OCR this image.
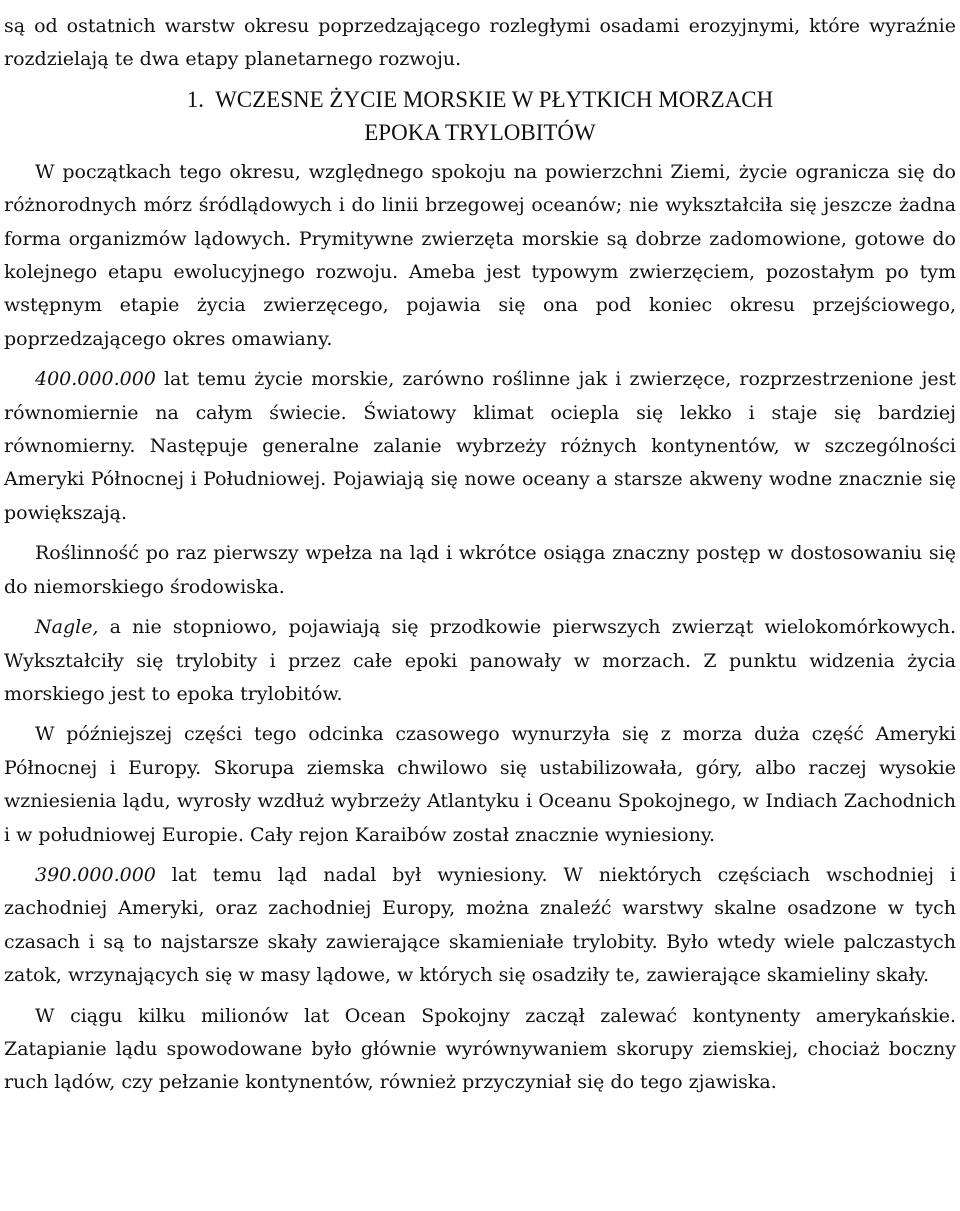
są od ostatnich warstw okresu poprzedzającego rozległymi osadami erozyjnymi, które wyraźnie rozdzielają te dwa etapy planetarnego rozwoju.

1. WCZESNE ŻYCIE MORSKIE W PŁYTKICH MORZACH

EPOKA TRYLOBITÓW

W początkach tego okresu, względnego spokoju na powierzchni Ziemi, życie ogranicza się do różnorodnych mórz śródlądowych i do linii brzegowej oceanów; nie wykształciła się jeszcze żadna forma organizmów lądowych. Prymitywne zwierzęta morskie są dobrze zadomowione, gotowe do kolejnego etapu ewolucyjnego rozwoju. Ameba jest typowym zwierzęciem, pozostałym po tym wstępnym etapie życia zwierzęcego, pojawia się ona pod koniec okresu przejściowego, poprzedzającego okres omawiany.

400.000.000 lat temu życie morskie, zarówno roślinne jak i zwierzęce, rozprzestrzenione jest równomiernie na całym świecie. Światowy klimat ociepla się lekko i staje się bardziej równomierny. Następuje generalne zalanie wybrzeży różnych kontynentów, w szczególności Ameryki Północnej i Południowej. Pojawiają się nowe oceany a starsze akweny wodne znacznie się powiększają.

Roślinność po raz pierwszy wpełza na ląd i wkrótce osiąga znaczny postęp w dostosowaniu się do niemorskiego środowiska.

Nagle, a nie stopniowo, pojawiają się przodkowie pierwszych zwierząt wielokomórkowych. Wykształciły się trylobity i przez całe epoki panowały w morzach. Z punktu widzenia życia morskiego jest to epoka trylobitów.

W późniejszej części tego odcinka czasowego wynurzyła się z morza duża część Ameryki Północnej i Europy. Skorupa ziemska chwilowo się ustabilizowała, góry, albo raczej wysokie wzniesienia lądu, wyrosły wzdłuż wybrzeży Atlantyku i Oceanu Spokojnego, w Indiach Zachodnich i w południowej Europie. Cały rejon Karaibów został znacznie wyniesiony.

390.000.000 lat temu ląd nadal był wyniesiony. W niektórych częściach wschodniej i zachodniej Ameryki, oraz zachodniej Europy, można znaleźć warstwy skalne osadzone w tych czasach i są to najstarsze skały zawierające skamieniałe trylobity. Było wtedy wiele palczastych zatok, wrzynających się w masy lądowe, w których się osadziły te, zawierające skamieliny skały.

W ciągu kilku milionów lat Ocean Spokojny zaczął zalewać kontynenty amerykańskie. Zatapianie lądu spowodowane było głównie wyrównywaniem skorupy ziemskiej, chociaż boczny ruch lądów, czy pełzanie kontynentów, również przyczyniał się do tego zjawiska.
